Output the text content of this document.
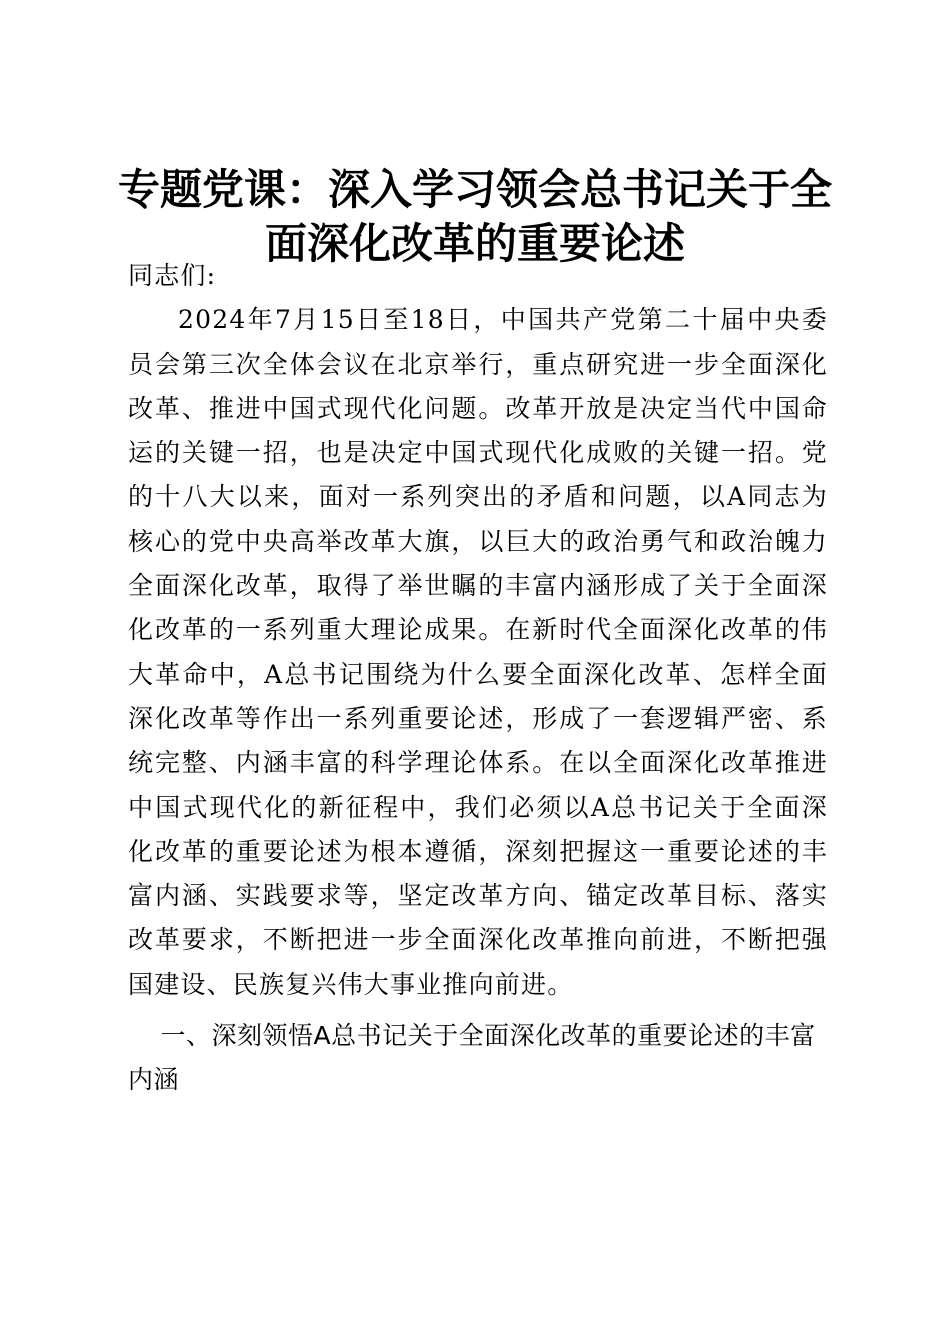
专题党课：深入学习领会总书记关于全面深化改革的重要论述

同志们:

2024年7月15日至18日，中国共产党第二十届中央委员会第三次全体会议在北京举行，重点研究进一步全面深化改革、推进中国式现代化问题。改革开放是决定当代中国命运的关键一招，也是决定中国式现代化成败的关键一招。党的十八大以来，面对一系列突出的矛盾和问题，以A同志为核心的党中央高举改革大旗，以巨大的政治勇气和政治魄力全面深化改革，取得了举世瞩的丰富内涵形成了关于全面深化改革的一系列重大理论成果。在新时代全面深化改革的伟大革命中，A总书记围绕为什么要全面深化改革、怎样全面深化改革等作出一系列重要论述，形成了一套逻辑严密、系统完整、内涵丰富的科学理论体系。在以全面深化改革推进中国式现代化的新征程中，我们必须以A总书记关于全面深化改革的重要论述为根本遵循，深刻把握这一重要论述的丰富内涵、实践要求等，坚定改革方向、锚定改革目标、落实改革要求，不断把进一步全面深化改革推向前进，不断把强国建设、民族复兴伟大事业推向前进。

一、深刻领悟A总书记关于全面深化改革的重要论述的丰富内涵
